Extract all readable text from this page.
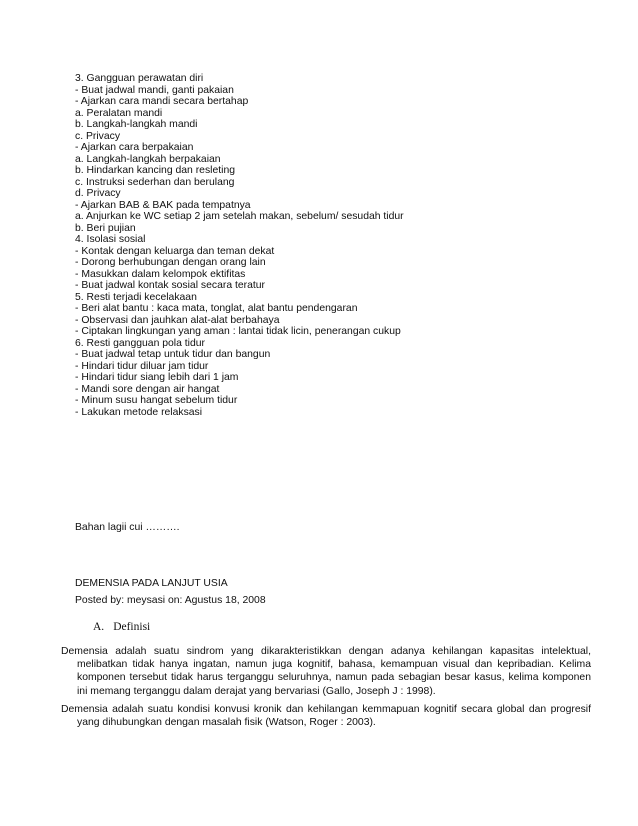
3. Gangguan perawatan diri
- Buat jadwal mandi, ganti pakaian
- Ajarkan cara mandi secara bertahap
a. Peralatan mandi
b. Langkah-langkah mandi
c. Privacy
- Ajarkan cara berpakaian
a. Langkah-langkah berpakaian
b. Hindarkan kancing dan resleting
c. Instruksi sederhan dan berulang
d. Privacy
- Ajarkan BAB & BAK pada tempatnya
a. Anjurkan ke WC setiap 2 jam setelah makan, sebelum/ sesudah tidur
b. Beri pujian
4. Isolasi sosial
- Kontak dengan keluarga dan teman dekat
- Dorong berhubungan dengan orang lain
- Masukkan dalam kelompok ektifitas
- Buat jadwal kontak sosial secara teratur
5. Resti terjadi kecelakaan
- Beri alat bantu : kaca mata, tonglat, alat bantu pendengaran
- Observasi dan jauhkan alat-alat berbahaya
- Ciptakan lingkungan yang aman : lantai tidak licin, penerangan cukup
6. Resti gangguan pola tidur
- Buat jadwal tetap untuk tidur dan bangun
- Hindari tidur diluar jam tidur
- Hindari tidur siang lebih dari 1 jam
- Mandi sore dengan air hangat
- Minum susu hangat sebelum tidur
- Lakukan metode relaksasi
Bahan lagii cui ……….
DEMENSIA PADA LANJUT USIA
Posted by: meysasi on: Agustus 18, 2008
A. Definisi

Demensia adalah suatu sindrom yang dikarakteristikkan dengan adanya kehilangan kapasitas intelektual, melibatkan tidak hanya ingatan, namun juga kognitif, bahasa, kemampuan visual dan kepribadian. Kelima komponen tersebut tidak harus terganggu seluruhnya, namun pada sebagian besar kasus, kelima komponen ini memang terganggu dalam derajat yang bervariasi (Gallo, Joseph J : 1998).

Demensia adalah suatu kondisi konvusi kronik dan kehilangan kemmapuan kognitif secara global dan progresif yang dihubungkan dengan masalah fisik (Watson, Roger : 2003).
